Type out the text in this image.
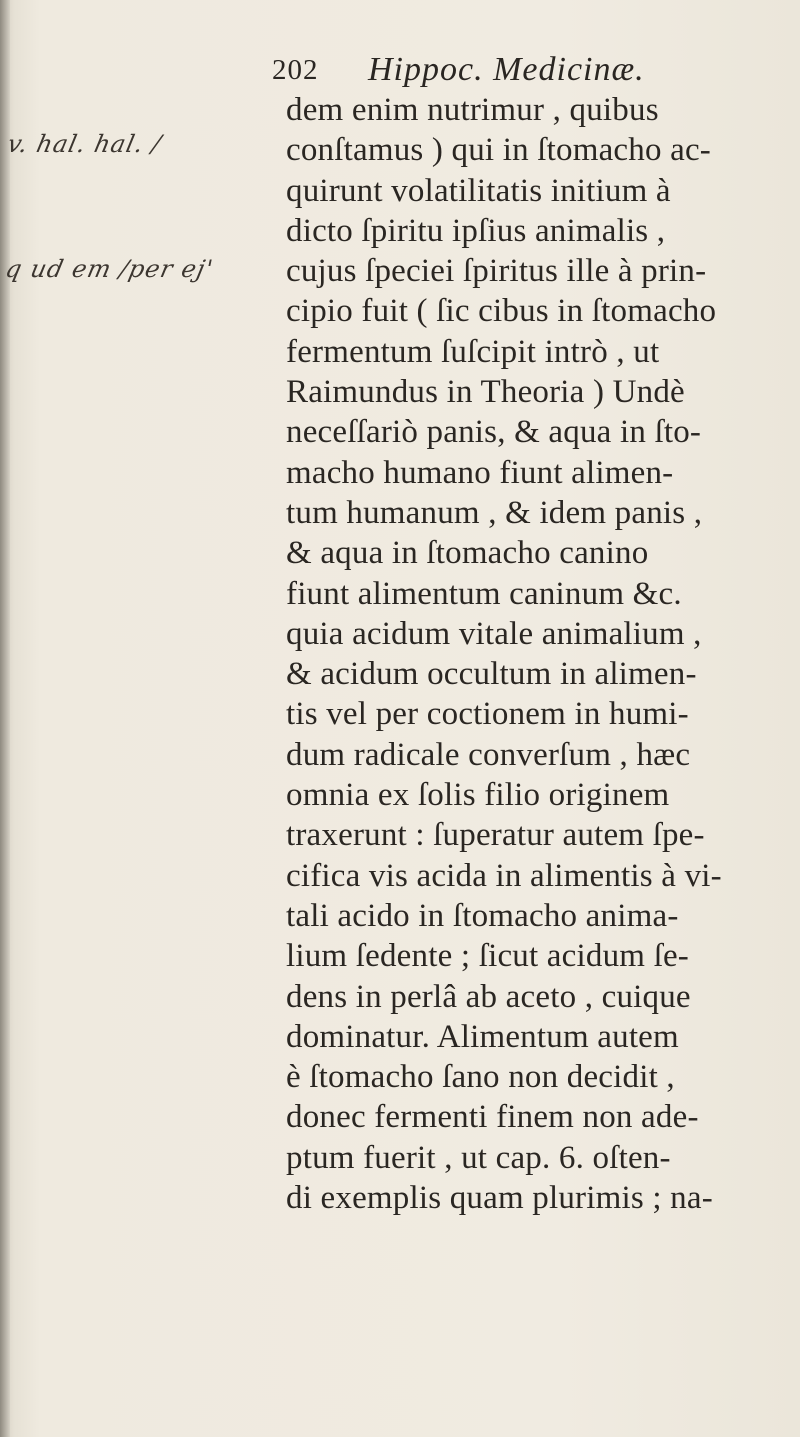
v. hal. hal. /
q ud em /per ej'
202 Hippoc. Medicinæ.
dem enim nutrimur , quibus
conſtamus ) qui in ſtomacho ac-
quirunt volatilitatis initium à
dicto ſpiritu ipſius animalis ,
cujus ſpeciei ſpiritus ille à prin-
cipio fuit ( ſic cibus in ſtomacho
fermentum ſuſcipit intrò , ut
Raimundus in Theoria ) Undè
neceſſariò panis, & aqua in ſto-
macho humano fiunt alimen-
tum humanum , & idem panis ,
& aqua in ſtomacho canino
fiunt alimentum caninum &c.
quia acidum vitale animalium ,
& acidum occultum in alimen-
tis vel per coctionem in humi-
dum radicale converſum , hæc
omnia ex ſolis filio originem
traxerunt : ſuperatur autem ſpe-
cifica vis acida in alimentis à vi-
tali acido in ſtomacho anima-
lium ſedente ; ſicut acidum ſe-
dens in perlâ ab aceto , cuique
dominatur. Alimentum autem
è ſtomacho ſano non decidit ,
donec fermenti finem non ade-
ptum fuerit , ut cap. 6. oſten-
di exemplis quam plurimis ; na-
